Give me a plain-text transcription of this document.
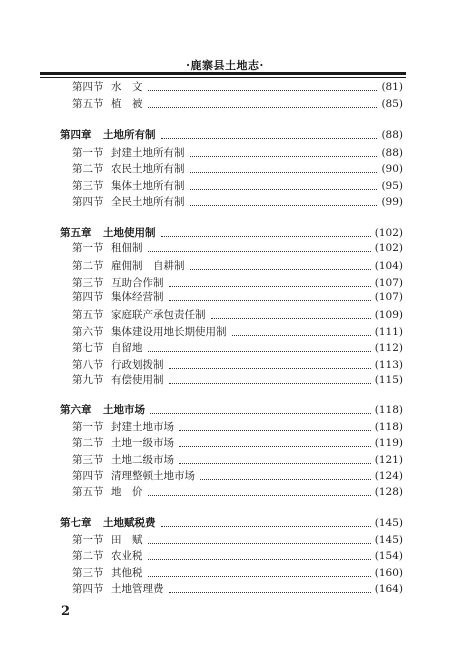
·鹿寨县土地志·
第四节 水　文	(81)
第五节 植　被	(85)
第四章 土地所有制	(88)
第一节 封建土地所有制	(88)
第二节 农民土地所有制	(90)
第三节 集体土地所有制	(95)
第四节 全民土地所有制	(99)
第五章 土地使用制	(102)
第一节 租佃制	(102)
第二节 雇佣制　自耕制	(104)
第三节 互助合作制	(107)
第四节 集体经营制	(107)
第五节 家庭联产承包责任制	(109)
第六节 集体建设用地长期使用制	(111)
第七节 自留地	(112)
第八节 行政划拨制	(113)
第九节 有偿使用制	(115)
第六章 土地市场	(118)
第一节 封建土地市场	(118)
第二节 土地一级市场	(119)
第三节 土地二级市场	(121)
第四节 清理整顿土地市场	(124)
第五节 地　价	(128)
第七章 土地赋税费	(145)
第一节 田　赋	(145)
第二节 农业税	(154)
第三节 其他税	(160)
第四节 土地管理费	(164)
2
